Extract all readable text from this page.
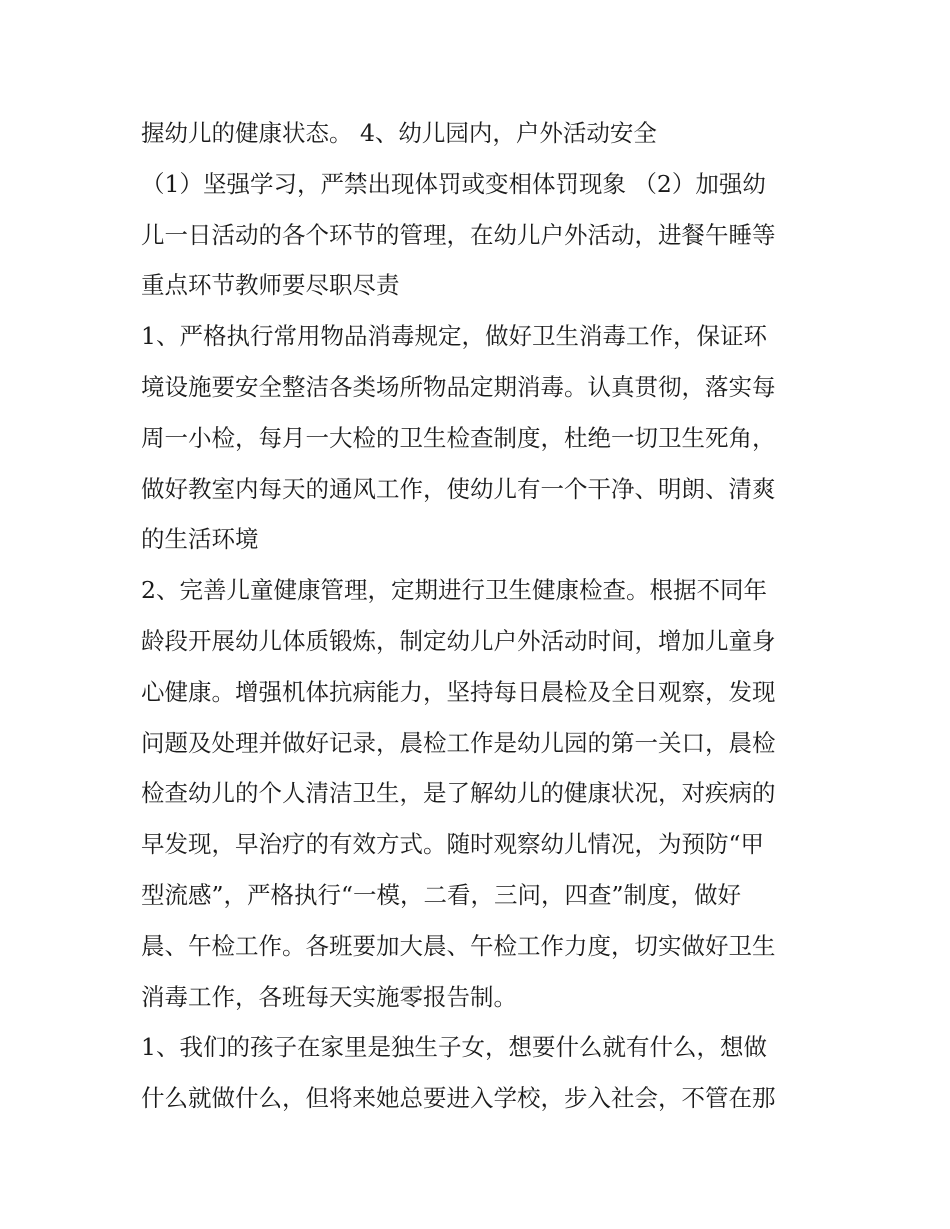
握幼儿的健康状态。 4、幼儿园内，户外活动安全
（1）坚强学习，严禁出现体罚或变相体罚现象 （2）加强幼
儿一日活动的各个环节的管理，在幼儿户外活动，进餐午睡等
重点环节教师要尽职尽责
1、严格执行常用物品消毒规定，做好卫生消毒工作，保证环
境设施要安全整洁各类场所物品定期消毒。认真贯彻，落实每
周一小检，每月一大检的卫生检查制度，杜绝一切卫生死角，
做好教室内每天的通风工作，使幼儿有一个干净、明朗、清爽
的生活环境
2、完善儿童健康管理，定期进行卫生健康检查。根据不同年
龄段开展幼儿体质锻炼，制定幼儿户外活动时间，增加儿童身
心健康。增强机体抗病能力，坚持每日晨检及全日观察，发现
问题及处理并做好记录，晨检工作是幼儿园的第一关口，晨检
检查幼儿的个人清洁卫生，是了解幼儿的健康状况，对疾病的
早发现，早治疗的有效方式。随时观察幼儿情况，为预防“甲
型流感”，严格执行“一模，二看，三问，四查”制度，做好
晨、午检工作。各班要加大晨、午检工作力度，切实做好卫生
消毒工作，各班每天实施零报告制。
1、我们的孩子在家里是独生子女，想要什么就有什么，想做
什么就做什么，但将来她总要进入学校，步入社会，不管在那
